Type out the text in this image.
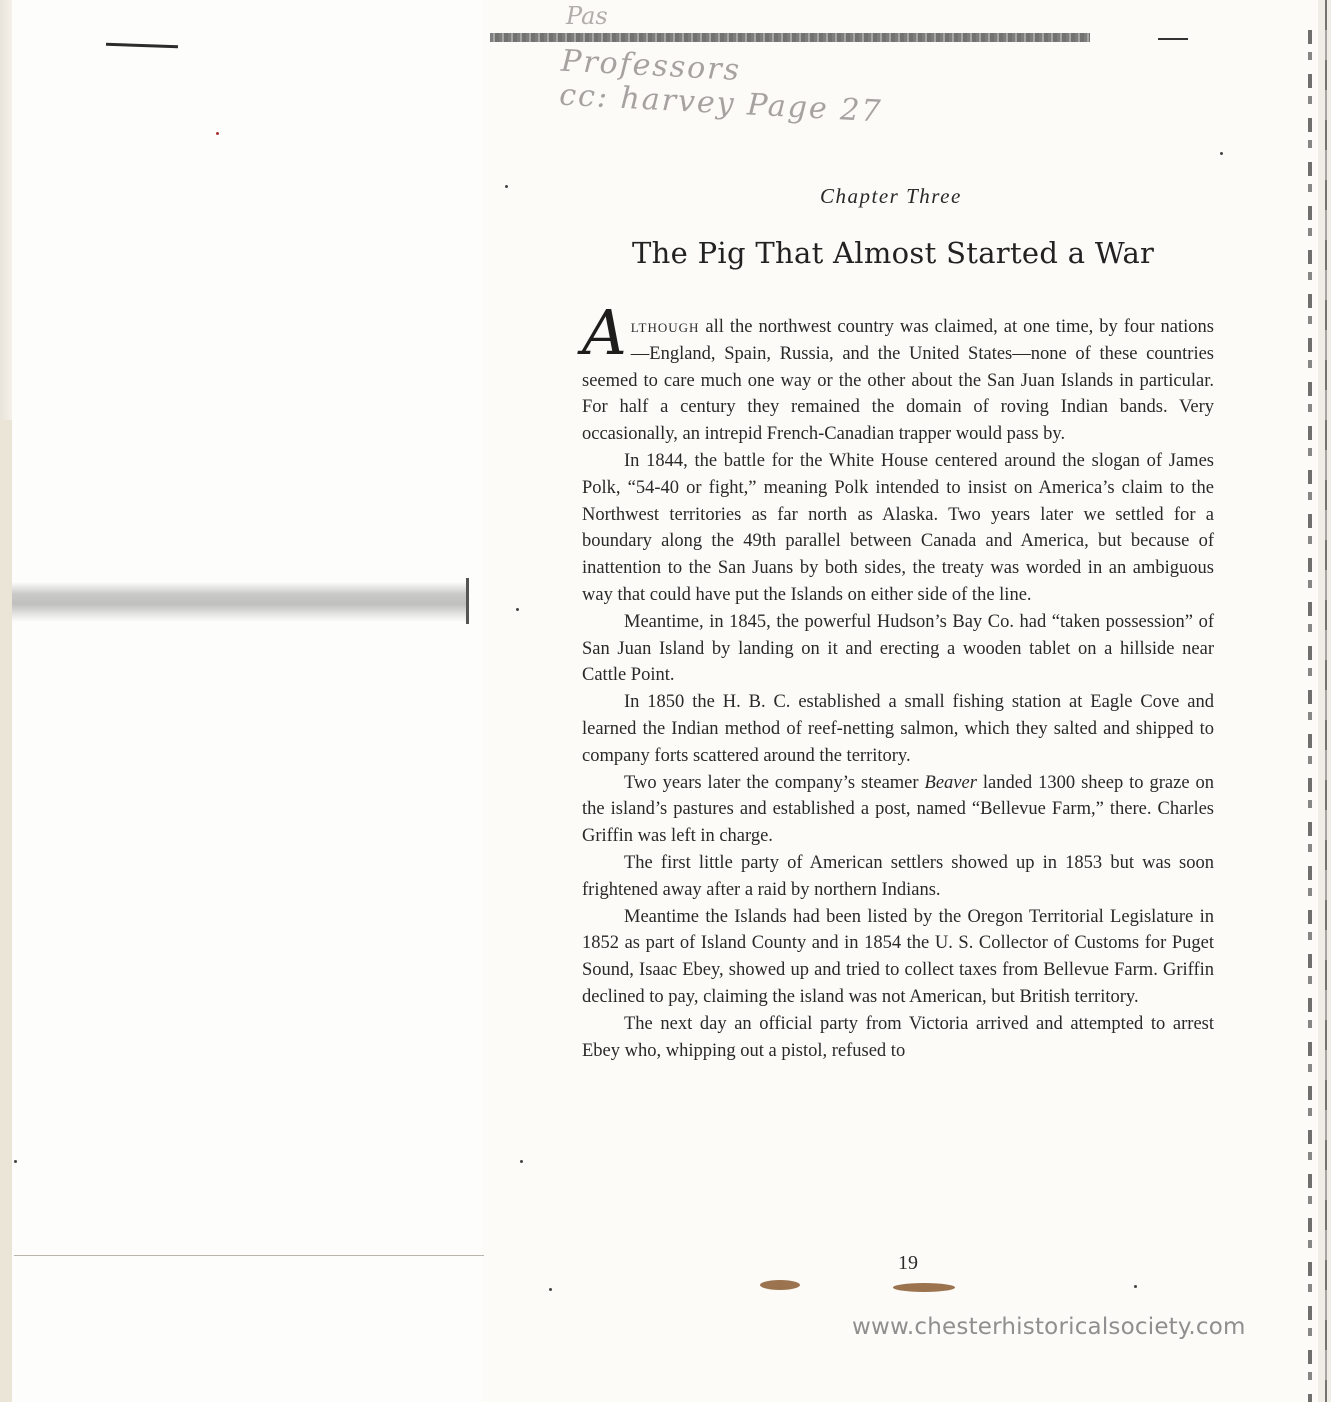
Pas
Professors
cc: harvey Page 27
Chapter Three
The Pig That Almost Started a War

Although all the northwest country was claimed, at one time, by four nations—England, Spain, Russia, and the United States—none of these countries seemed to care much one way or the other about the San Juan Islands in particular. For half a century they remained the domain of roving Indian bands. Very occasionally, an intrepid French-Canadian trapper would pass by.

In 1844, the battle for the White House centered around the slogan of James Polk, “54-40 or fight,” meaning Polk intended to insist on America’s claim to the Northwest territories as far north as Alaska. Two years later we settled for a boundary along the 49th parallel between Canada and America, but because of inattention to the San Juans by both sides, the treaty was worded in an ambiguous way that could have put the Islands on either side of the line.

Meantime, in 1845, the powerful Hudson’s Bay Co. had “taken possession” of San Juan Island by landing on it and erecting a wooden tablet on a hillside near Cattle Point.

In 1850 the H. B. C. established a small fishing station at Eagle Cove and learned the Indian method of reef-netting salmon, which they salted and shipped to company forts scattered around the territory.

Two years later the company’s steamer Beaver landed 1300 sheep to graze on the island’s pastures and established a post, named “Bellevue Farm,” there. Charles Griffin was left in charge.

The first little party of American settlers showed up in 1853 but was soon frightened away after a raid by northern Indians.

Meantime the Islands had been listed by the Oregon Territorial Legislature in 1852 as part of Island County and in 1854 the U. S. Collector of Customs for Puget Sound, Isaac Ebey, showed up and tried to collect taxes from Bellevue Farm. Griffin declined to pay, claiming the island was not American, but British territory.

The next day an official party from Victoria arrived and attempted to arrest Ebey who, whipping out a pistol, refused to

19
www.chesterhistoricalsociety.com
